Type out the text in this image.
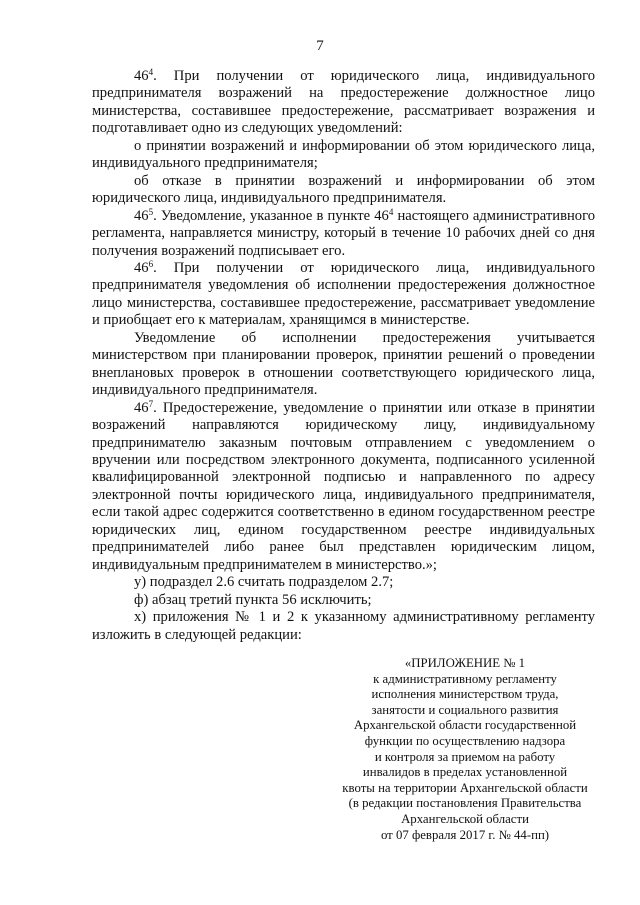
7

$46^4$. При получении от юридического лица, индивидуального предпринимателя возражений на предостережение должностное лицо министерства, составившее предостережение, рассматривает возражения и подготавливает одно из следующих уведомлений:

о принятии возражений и информировании об этом юридического лица, индивидуального предпринимателя;

об отказе в принятии возражений и информировании об этом юридического лица, индивидуального предпринимателя.

$46^5$. Уведомление, указанное в пункте $46^4$ настоящего административного регламента, направляется министру, который в течение 10 рабочих дней со дня получения возражений подписывает его.

$46^6$. При получении от юридического лица, индивидуального предпринимателя уведомления об исполнении предостережения должностное лицо министерства, составившее предостережение, рассматривает уведомление и приобщает его к материалам, хранящимся в министерстве.

Уведомление об исполнении предостережения учитывается министерством при планировании проверок, принятии решений о проведении внеплановых проверок в отношении соответствующего юридического лица, индивидуального предпринимателя.

$46^7$. Предостережение, уведомление о принятии или отказе в принятии возражений направляются юридическому лицу, индивидуальному предпринимателю заказным почтовым отправлением с уведомлением о вручении или посредством электронного документа, подписанного усиленной квалифицированной электронной подписью и направленного по адресу электронной почты юридического лица, индивидуального предпринимателя, если такой адрес содержится соответственно в едином государственном реестре юридических лиц, едином государственном реестре индивидуальных предпринимателей либо ранее был представлен юридическим лицом, индивидуальным предпринимателем в министерство.»;

у) подраздел 2.6 считать подразделом 2.7;

ф) абзац третий пункта 56 исключить;

х) приложения № 1 и 2 к указанному административному регламенту изложить в следующей редакции:

«ПРИЛОЖЕНИЕ № 1
к административному регламенту
исполнения министерством труда,
занятости и социального развития
Архангельской области государственной
функции по осуществлению надзора
и контроля за приемом на работу
инвалидов в пределах установленной
квоты на территории Архангельской области
(в редакции постановления Правительства
Архангельской области
от 07 февраля 2017 г. № 44-пп)
